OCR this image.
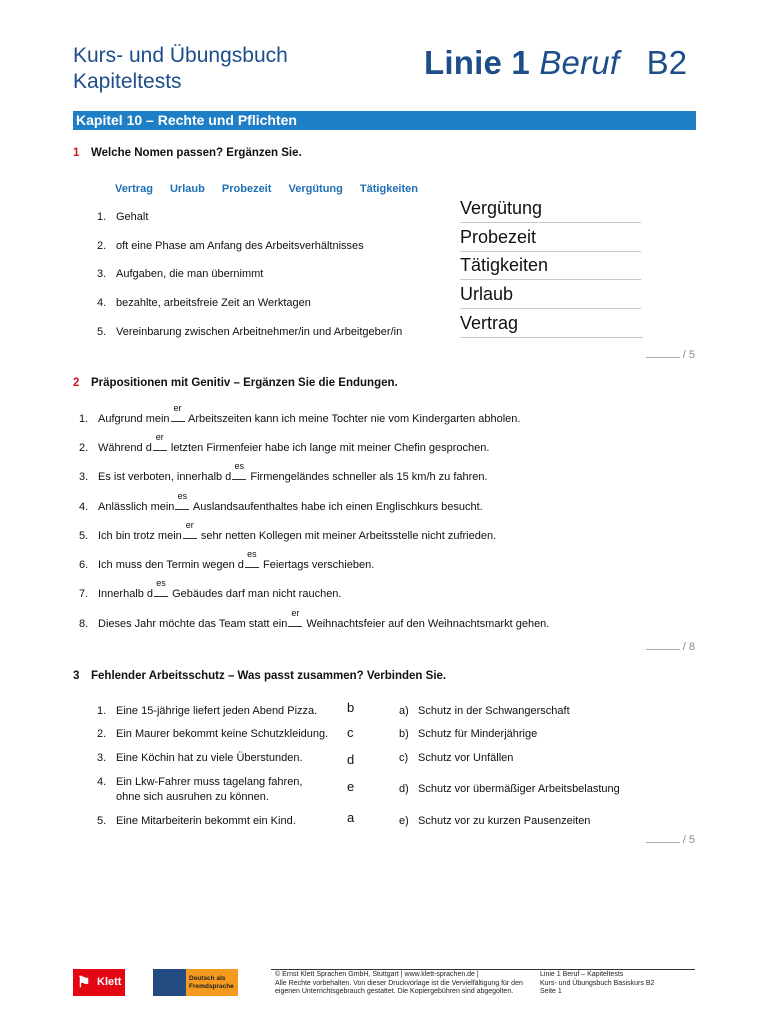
Kurs- und Übungsbuch
Kapiteltests
Linie 1 Beruf B2
Kapitel 10 – Rechte und Pflichten
1 Welche Nomen passen? Ergänzen Sie.
Vertrag Urlaub Probezeit Vergütung Tätigkeiten
1. Gehalt
2. oft eine Phase am Anfang des Arbeitsverhältnisses
3. Aufgaben, die man übernimmt
4. bezahlte, arbeitsfreie Zeit an Werktagen
5. Vereinbarung zwischen Arbeitnehmer/in und Arbeitgeber/in
Vergütung
Probezeit
Tätigkeiten
Urlaub
Vertrag
/ 5
2 Präpositionen mit Genitiv – Ergänzen Sie die Endungen.
1. Aufgrund mein
er
Arbeitszeiten kann ich meine Tochter nie vom Kindergarten abholen.
2. Während d
er
letzten Firmenfeier habe ich lange mit meiner Chefin gesprochen.
3. Es ist verboten, innerhalb d
es
Firmengeländes schneller als 15 km/h zu fahren.
4. Anlässlich mein
es
Auslandsaufenthaltes habe ich einen Englischkurs besucht.
5. Ich bin trotz mein
er
sehr netten Kollegen mit meiner Arbeitsstelle nicht zufrieden.
6. Ich muss den Termin wegen d
es
Feiertags verschieben.
7. Innerhalb d
es
Gebäudes darf man nicht rauchen.
8. Dieses Jahr möchte das Team statt ein
er
Weihnachtsfeier auf den Weihnachtsmarkt gehen.
/ 8
3 Fehlender Arbeitsschutz – Was passt zusammen? Verbinden Sie.
1. Eine 15-jährige liefert jeden Abend Pizza.
2. Ein Maurer bekommt keine Schutzkleidung.
3. Eine Köchin hat zu viele Überstunden.
4. Ein Lkw-Fahrer muss tagelang fahren,
ohne sich ausruhen zu können.
5. Eine Mitarbeiterin bekommt ein Kind.
b
c
d
e
a
a) Schutz in der Schwangerschaft
b) Schutz für Minderjährige
c) Schutz vor Unfällen
d) Schutz vor übermäßiger Arbeitsbelastung
e) Schutz vor zu kurzen Pausenzeiten
/ 5
⚑ Klett	Deutsch als
Fremdsprache
© Ernst Klett Sprachen GmbH, Stuttgart | www.klett-sprachen.de |
Alle Rechte vorbehalten. Von dieser Druckvorlage ist die Vervielfältigung für den
eigenen Unterrichtsgebrauch gestattet. Die Kopiergebühren sind abgegolten.
Linie 1 Beruf – Kapiteltests
Kurs- und Übungsbuch Basiskurs B2
Seite 1
